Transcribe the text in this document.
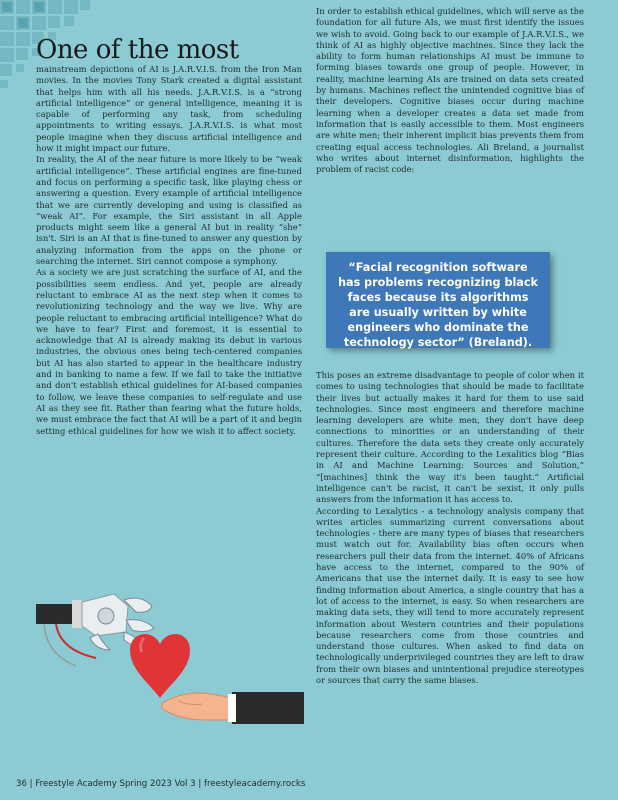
One of the most

mainstream depictions of AI is J.A.R.V.I.S. from the Iron Man movies. In the movies Tony Stark created a digital assistant that helps him with all his needs. J.A.R.V.I.S. is a “strong artificial intelligence” or general intelligence, meaning it is capable of performing any task, from scheduling appointments to writing essays. J.A.R.V.I.S. is what most people imagine when they discuss artificial intelligence and how it might impact our future.

In reality, the AI of the near future is more likely to be “weak artificial intelligence”. These artificial engines are fine-tuned and focus on performing a specific task, like playing chess or answering a question. Every example of artificial intelligence that we are currently developing and using is classified as “weak AI”. For example, the Siri assistant in all Apple products might seem like a general AI but in reality “she” isn't. Siri is an AI that is fine-tuned to answer any question by analyzing information from the apps on the phone or searching the internet. Siri cannot compose a symphony.

As a society we are just scratching the surface of AI, and the possibilities seem endless. And yet, people are already reluctant to embrace AI as the next step when it comes to revolutionizing technology and the way we live. Why are people reluctant to embracing artificial intelligence? What do we have to fear? First and foremost, it is essential to acknowledge that AI is already making its debut in various industries, the obvious ones being tech-centered companies but AI has also started to appear in the healthcare industry and in banking to name a few. If we fail to take the initiative and don't establish ethical guidelines for AI-based companies to follow, we leave these companies to self-regulate and use AI as they see fit. Rather than fearing what the future holds, we must embrace the fact that AI will be a part of it and begin setting ethical guidelines for how we wish it to affect society.

In order to establish ethical guidelines, which will serve as the foundation for all future AIs, we must first identify the issues we wish to avoid. Going back to our example of J.A.R.V.I.S., we think of AI as highly objective machines. Since they lack the ability to form human relationships AI must be immune to forming biases towards one group of people. However, in reality, machine learning AIs are trained on data sets created by humans. Machines reflect the unintended cognitive bias of their developers. Cognitive biases occur during machine learning when a developer creates a data set made from information that is easily accessible to them. Most engineers are white men; their inherent implicit bias prevents them from creating equal access technologies. Ali Breland, a journalist who writes about internet disinformation, highlights the problem of racist code:

“Facial recognition software has problems recognizing black faces because its algorithms are usually written by white engineers who dominate the technology sector” (Breland).

This poses an extreme disadvantage to people of color when it comes to using technologies that should be made to facilitate their lives but actually makes it hard for them to use said technologies. Since most engineers and therefore machine learning developers are white men, they don't have deep connections to minorities or an understanding of their cultures. Therefore the data sets they create only accurately represent their culture. According to the Lexalitics blog “Bias in AI and Machine Learning: Sources and Solution,” “[machines] think the way it's been taught.” Artificial intelligence can't be racist, it can't be sexist, it only pulls answers from the information it has access to.

According to Lexalytics - a technology analysis company that writes articles summarizing current conversations about technologies - there are many types of biases that researchers must watch out for. Availability bias often occurs when researchers pull their data from the internet. 40% of Africans have access to the internet, compared to the 90% of Americans that use the internet daily. It is easy to see how finding information about America, a single country that has a lot of access to the internet, is easy. So when researchers are making data sets, they will tend to more accurately represent information about Western countries and their populations because researchers come from those countries and understand those cultures. When asked to find data on technologically underprivileged countries they are left to draw from their own biases and unintentional prejudice stereotypes or sources that carry the same biases.

36 | Freestyle Academy Spring 2023 Vol 3 | freestyleacademy.rocks
